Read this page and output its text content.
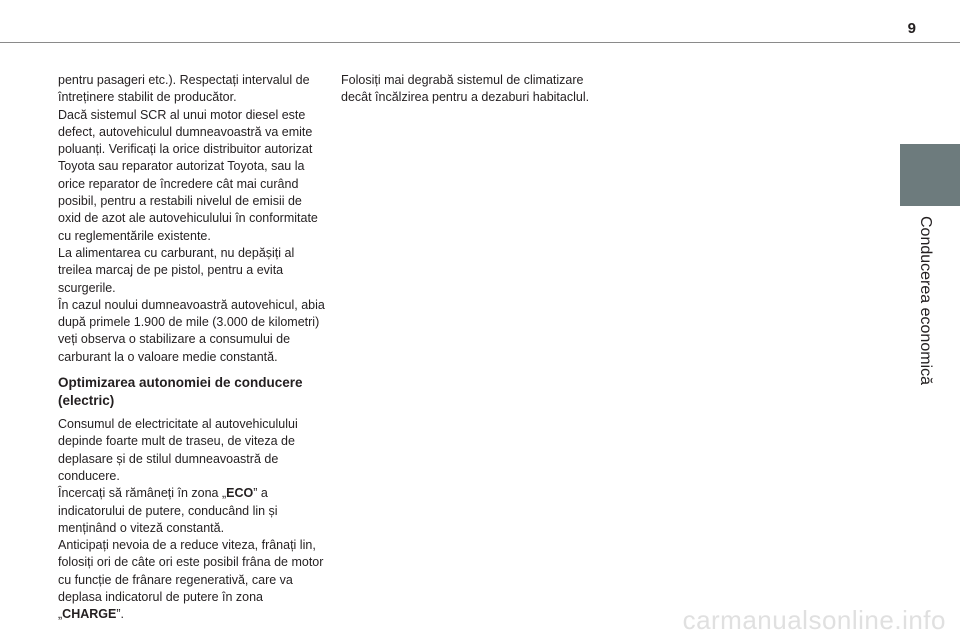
9
Conducerea economică

pentru pasageri etc.). Respectați intervalul de întreținere stabilit de producător.

Dacă sistemul SCR al unui motor diesel este defect, autovehiculul dumneavoastră va emite poluanți. Verificați la orice distribuitor autorizat Toyota sau reparator autorizat Toyota, sau la orice reparator de încredere cât mai curând posibil, pentru a restabili nivelul de emisii de oxid de azot ale autovehiculului în conformitate cu reglementările existente.

La alimentarea cu carburant, nu depășiți al treilea marcaj de pe pistol, pentru a evita scurgerile.

În cazul noului dumneavoastră autovehicul, abia după primele 1.900 de mile (3.000 de kilometri) veți observa o stabilizare a consumului de carburant la o valoare medie constantă.

Optimizarea autonomiei de conducere (electric)

Consumul de electricitate al autovehiculului depinde foarte mult de traseu, de viteza de deplasare și de stilul dumneavoastră de conducere.

Încercați să rămâneți în zona „ECO” a indicatorului de putere, conducând lin și menținând o viteză constantă.

Anticipați nevoia de a reduce viteza, frânați lin, folosiți ori de câte ori este posibil frâna de motor cu funcție de frânare regenerativă, care va deplasa indicatorul de putere în zona „CHARGE”.

Folosiți mai degrabă sistemul de climatizare decât încălzirea pentru a dezaburi habitaclul.

carmanualsonline.info
